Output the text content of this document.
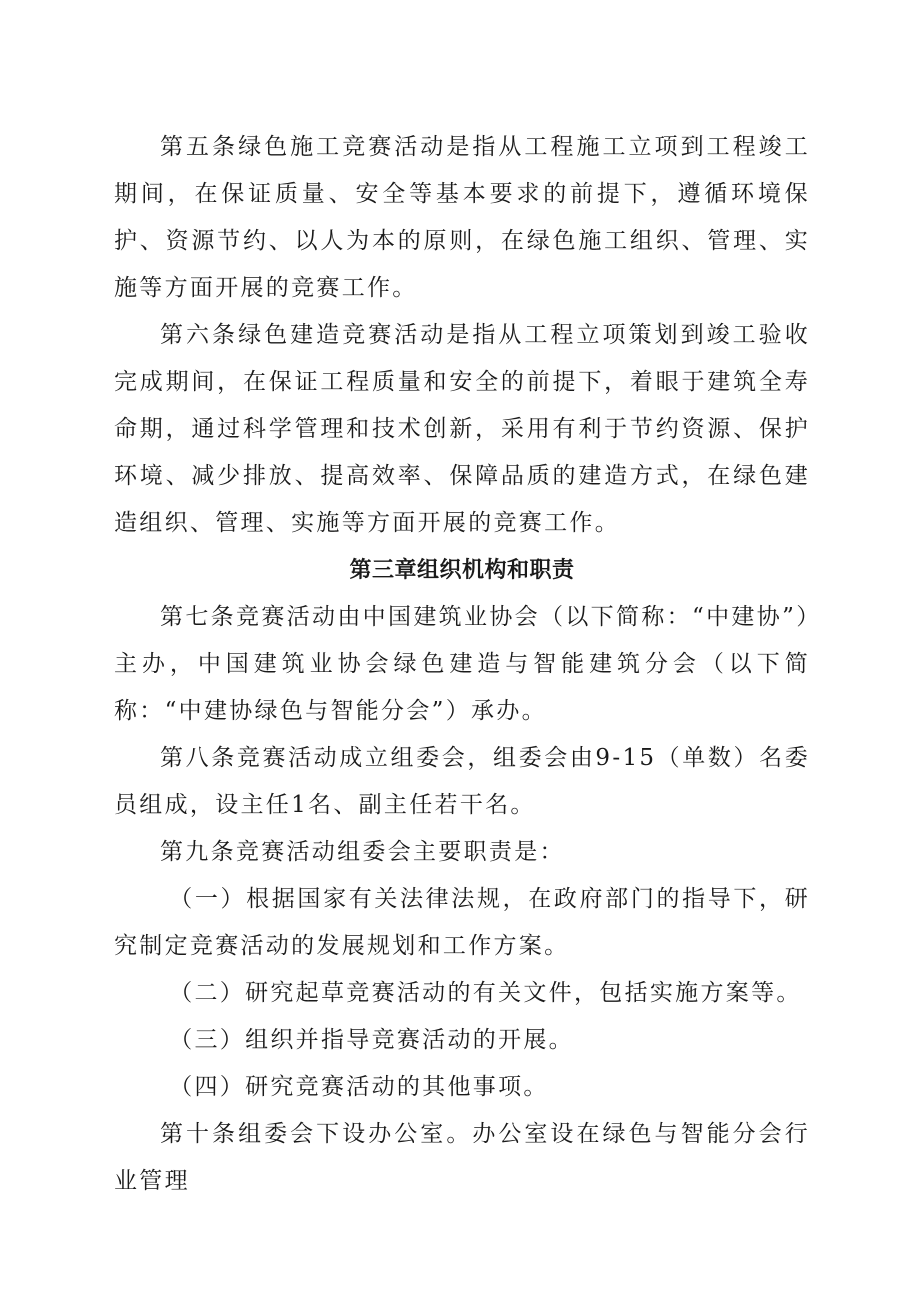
第五条绿色施工竞赛活动是指从工程施工立项到工程竣工期间，在保证质量、安全等基本要求的前提下，遵循环境保护、资源节约、以人为本的原则，在绿色施工组织、管理、实施等方面开展的竞赛工作。

第六条绿色建造竞赛活动是指从工程立项策划到竣工验收完成期间，在保证工程质量和安全的前提下，着眼于建筑全寿命期，通过科学管理和技术创新，采用有利于节约资源、保护环境、减少排放、提高效率、保障品质的建造方式，在绿色建造组织、管理、实施等方面开展的竞赛工作。

第三章组织机构和职责

第七条竞赛活动由中国建筑业协会（以下简称：“中建协”）主办，中国建筑业协会绿色建造与智能建筑分会（以下简称：“中建协绿色与智能分会”）承办。

第八条竞赛活动成立组委会，组委会由9-15（单数）名委员组成，设主任1名、副主任若干名。

第九条竞赛活动组委会主要职责是：

（一）根据国家有关法律法规，在政府部门的指导下，研究制定竞赛活动的发展规划和工作方案。

（二）研究起草竞赛活动的有关文件，包括实施方案等。

（三）组织并指导竞赛活动的开展。

（四）研究竞赛活动的其他事项。

第十条组委会下设办公室。办公室设在绿色与智能分会行业管理
